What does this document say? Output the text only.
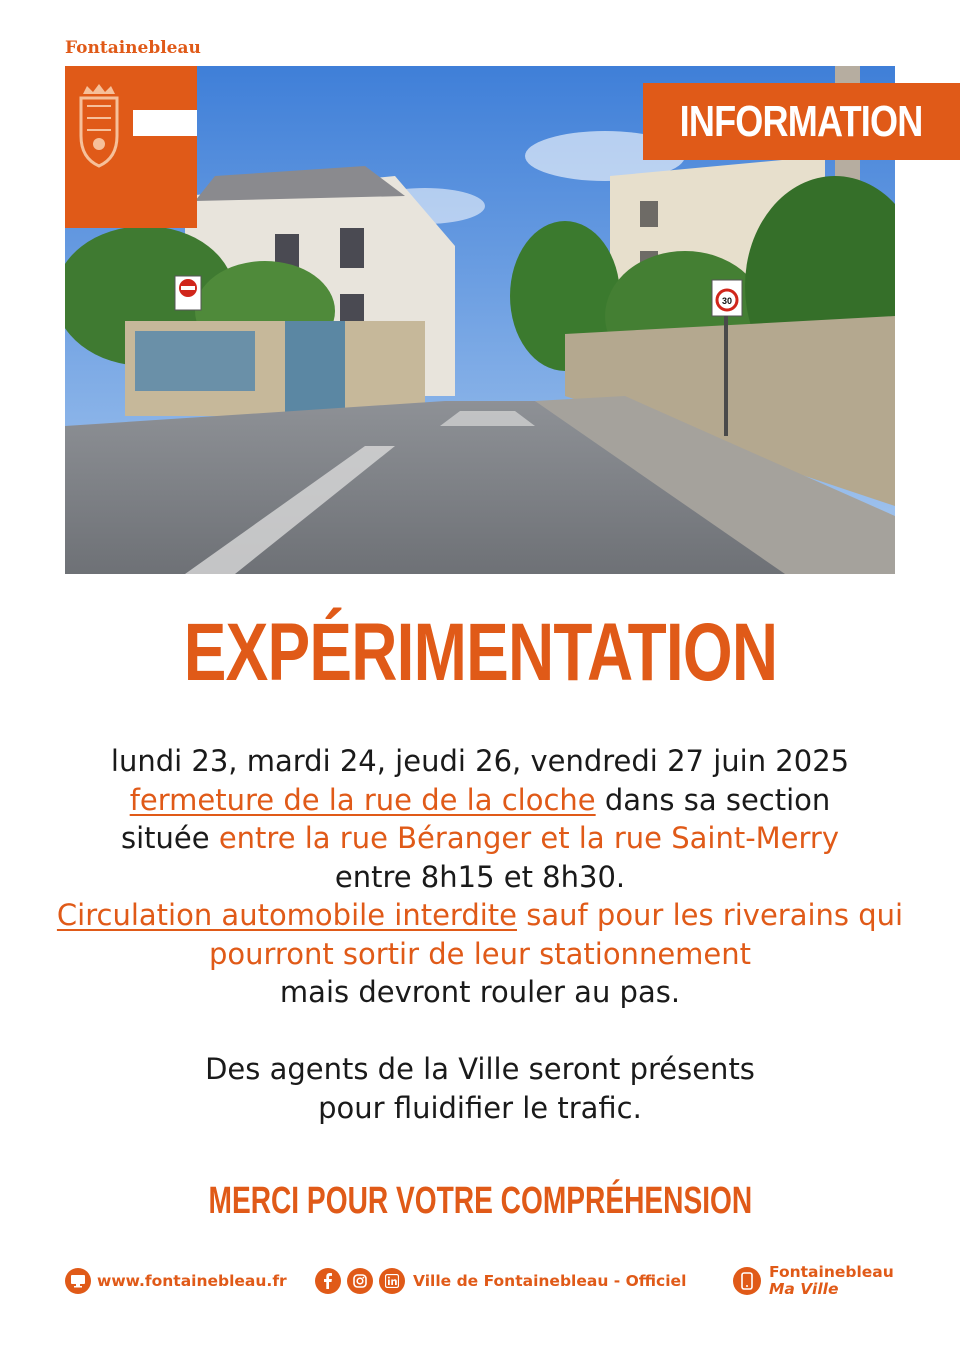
Fontainebleau
30
INFORMATION
EXPÉRIMENTATION
lundi 23, mardi 24, jeudi 26, vendredi 27 juin 2025
fermeture de la rue de la cloche dans sa section
située entre la rue Béranger et la rue Saint-Merry
entre 8h15 et 8h30.
Circulation automobile interdite sauf pour les riverains qui pourront sortir de leur stationnement
mais devront rouler au pas.
Des agents de la Ville seront présents
pour fluidifier le trafic.
MERCI POUR VOTRE COMPRÉHENSION
www.fontainebleau.fr	Ville de Fontainebleau - Officiel	Fontainebleau
Ma Ville
